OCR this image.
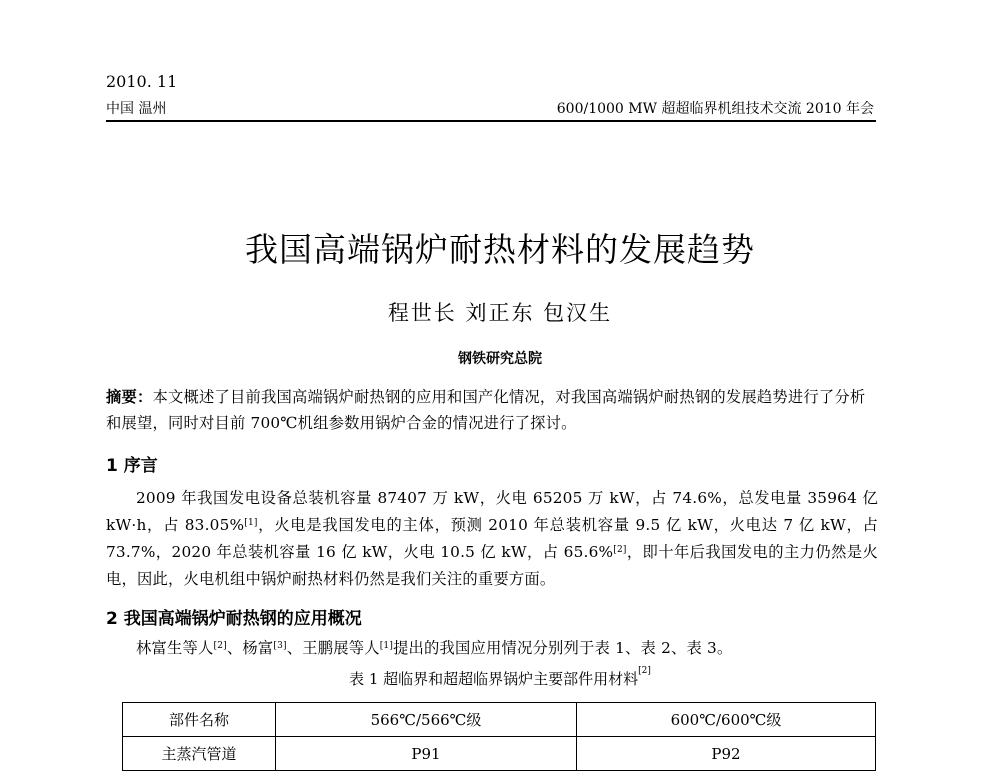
2010. 11
中国 温州	600/1000 MW 超超临界机组技术交流 2010 年会
我国高端锅炉耐热材料的发展趋势
程世长 刘正东 包汉生
钢铁研究总院
摘要：本文概述了目前我国高端锅炉耐热钢的应用和国产化情况，对我国高端锅炉耐热钢的发展趋势进行了分析和展望，同时对目前 700℃机组参数用锅炉合金的情况进行了探讨。
1 序言
2009 年我国发电设备总装机容量 87407 万 kW，火电 65205 万 kW，占 74.6%，总发电量 35964 亿 kW·h，占 83.05%[1]，火电是我国发电的主体，预测 2010 年总装机容量 9.5 亿 kW，火电达 7 亿 kW，占 73.7%，2020 年总装机容量 16 亿 kW，火电 10.5 亿 kW，占 65.6%[2]，即十年后我国发电的主力仍然是火电，因此，火电机组中锅炉耐热材料仍然是我们关注的重要方面。
2 我国高端锅炉耐热钢的应用概况
林富生等人[2]、杨富[3]、王鹏展等人[1]提出的我国应用情况分别列于表 1、表 2、表 3。
表 1 超临界和超超临界锅炉主要部件用材料[2]
部件名称	566℃/566℃级	600℃/600℃级
主蒸汽管道	P91	P92
